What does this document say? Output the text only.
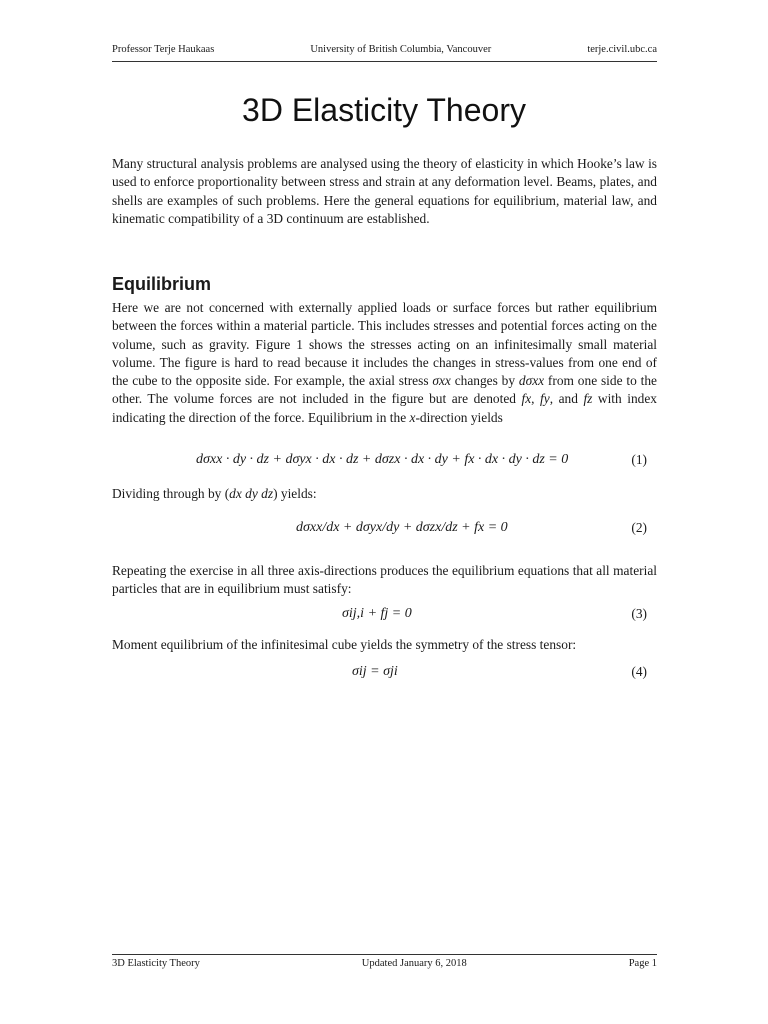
Professor Terje Haukaas	University of British Columbia, Vancouver	terje.civil.ubc.ca
3D Elasticity Theory

Many structural analysis problems are analysed using the theory of elasticity in which Hooke’s law is used to enforce proportionality between stress and strain at any deformation level. Beams, plates, and shells are examples of such problems. Here the general equations for equilibrium, material law, and kinematic compatibility of a 3D continuum are established.

Equilibrium

Here we are not concerned with externally applied loads or surface forces but rather equilibrium between the forces within a material particle. This includes stresses and potential forces acting on the volume, such as gravity. Figure 1 shows the stresses acting on an infinitesimally small material volume. The figure is hard to read because it includes the changes in stress-values from one end of the cube to the opposite side. For example, the axial stress σxx changes by dσxx from one side to the other. The volume forces are not included in the figure but are denoted fx, fy, and fz with index indicating the direction of the force. Equilibrium in the x-direction yields

dσxx · dy · dz + dσyx · dx · dz + dσzx · dx · dy + fx · dx · dy · dz = 0	(1)

Dividing through by (dx dy dz) yields:

dσxx/dx + dσyx/dy + dσzx/dz + fx = 0	(2)

Repeating the exercise in all three axis-directions produces the equilibrium equations that all material particles that are in equilibrium must satisfy:

σij,i + fj = 0	(3)

Moment equilibrium of the infinitesimal cube yields the symmetry of the stress tensor:

σij = σji	(4)
3D Elasticity Theory	Updated January 6, 2018	Page 1
